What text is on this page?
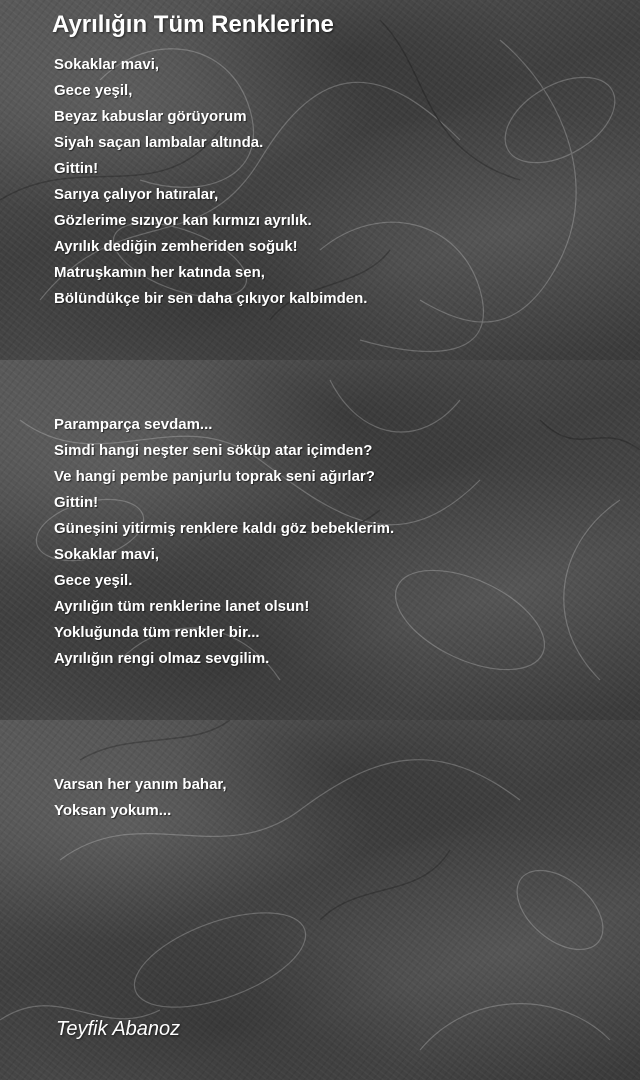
Ayrılığın Tüm Renklerine
Sokaklar mavi,
Gece yeşil,
Beyaz kabuslar görüyorum
Siyah saçan lambalar altında.
Gittin!
Sarıya çalıyor hatıralar,
Gözlerime sızıyor kan kırmızı ayrılık.
Ayrılık dediğin zemheriden soğuk!
Matruşkamın her katında sen,
Bölündükçe bir sen daha çıkıyor kalbimden.
Paramparça sevdam...
Simdi hangi neşter seni söküp atar içimden?
Ve hangi pembe panjurlu toprak seni ağırlar?
Gittin!
Güneşini yitirmiş renklere kaldı göz bebeklerim.
Sokaklar mavi,
Gece yeşil.
Ayrılığın tüm renklerine lanet olsun!
Yokluğunda tüm renkler bir...
Ayrılığın rengi olmaz sevgilim.
Varsan her yanım bahar,
Yoksan yokum...

Teyfik Abanoz
